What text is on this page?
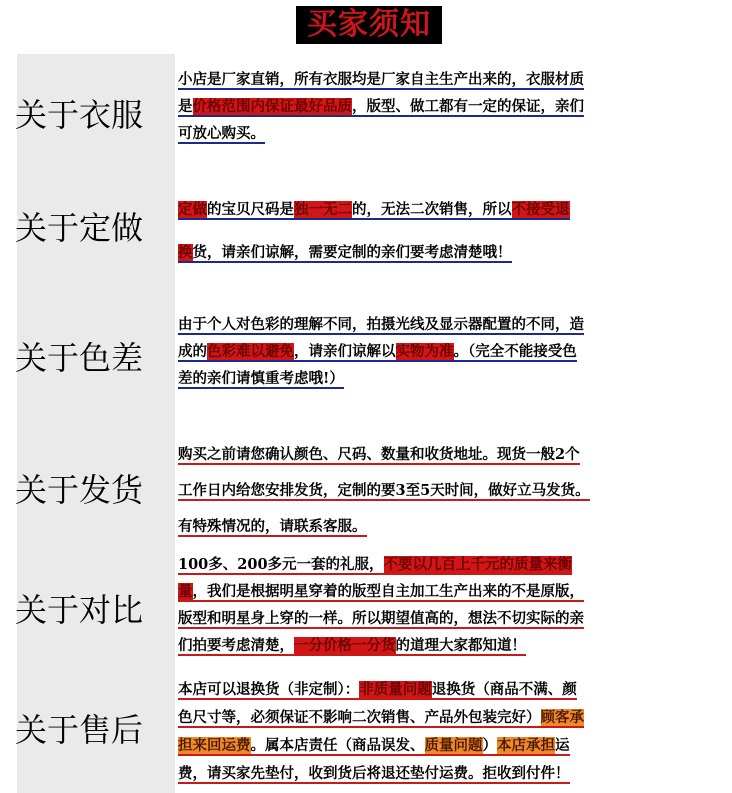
买家须知
关于衣服
关于定做
关于色差
关于发货
关于对比
关于售后
小店是厂家直销，所有衣服均是厂家自主生产出来的，衣服材质
是价格范围内保证最好品质，版型、做工都有一定的保证，亲们
可放心购买。
定做的宝贝尺码是独一无二的，无法二次销售，所以不接受退
换货，请亲们谅解，需要定制的亲们要考虑清楚哦！
由于个人对色彩的理解不同，拍摄光线及显示器配置的不同，造
成的色彩难以避免，请亲们谅解以实物为准。（完全不能接受色
差的亲们请慎重考虑哦!）
购买之前请您确认颜色、尺码、数量和收货地址。现货一般2个
工作日内给您安排发货，定制的要3至5天时间，做好立马发货。
有特殊情况的，请联系客服。
100多、200多元一套的礼服，不要以几百上千元的质量来衡
量，我们是根据明星穿着的版型自主加工生产出来的不是原版，
版型和明星身上穿的一样。所以期望值高的，想法不切实际的亲
们拍要考虑清楚，一分价格一分货的道理大家都知道！
本店可以退换货（非定制）：非质量问题退换货（商品不满、颜
色尺寸等，必须保证不影响二次销售、产品外包装完好）顾客承
担来回运费。属本店责任（商品误发、质量问题）本店承担运
费，请买家先垫付，收到货后将退还垫付运费。拒收到付件！
